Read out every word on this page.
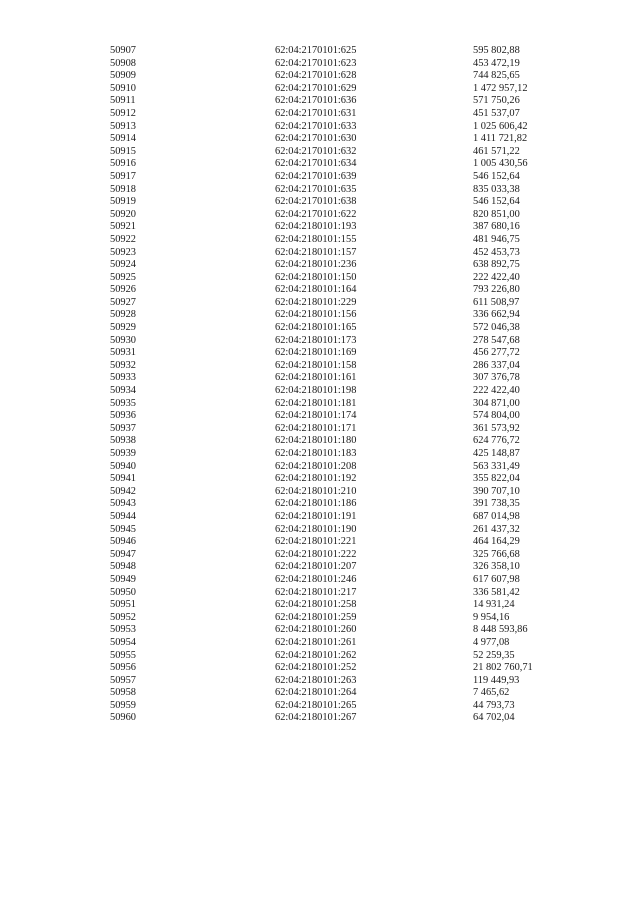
50907	62:04:2170101:625	595 802,88
50908	62:04:2170101:623	453 472,19
50909	62:04:2170101:628	744 825,65
50910	62:04:2170101:629	1 472 957,12
50911	62:04:2170101:636	571 750,26
50912	62:04:2170101:631	451 537,07
50913	62:04:2170101:633	1 025 606,42
50914	62:04:2170101:630	1 411 721,82
50915	62:04:2170101:632	461 571,22
50916	62:04:2170101:634	1 005 430,56
50917	62:04:2170101:639	546 152,64
50918	62:04:2170101:635	835 033,38
50919	62:04:2170101:638	546 152,64
50920	62:04:2170101:622	820 851,00
50921	62:04:2180101:193	387 680,16
50922	62:04:2180101:155	481 946,75
50923	62:04:2180101:157	452 453,73
50924	62:04:2180101:236	638 892,75
50925	62:04:2180101:150	222 422,40
50926	62:04:2180101:164	793 226,80
50927	62:04:2180101:229	611 508,97
50928	62:04:2180101:156	336 662,94
50929	62:04:2180101:165	572 046,38
50930	62:04:2180101:173	278 547,68
50931	62:04:2180101:169	456 277,72
50932	62:04:2180101:158	286 337,04
50933	62:04:2180101:161	307 376,78
50934	62:04:2180101:198	222 422,40
50935	62:04:2180101:181	304 871,00
50936	62:04:2180101:174	574 804,00
50937	62:04:2180101:171	361 573,92
50938	62:04:2180101:180	624 776,72
50939	62:04:2180101:183	425 148,87
50940	62:04:2180101:208	563 331,49
50941	62:04:2180101:192	355 822,04
50942	62:04:2180101:210	390 707,10
50943	62:04:2180101:186	391 738,35
50944	62:04:2180101:191	687 014,98
50945	62:04:2180101:190	261 437,32
50946	62:04:2180101:221	464 164,29
50947	62:04:2180101:222	325 766,68
50948	62:04:2180101:207	326 358,10
50949	62:04:2180101:246	617 607,98
50950	62:04:2180101:217	336 581,42
50951	62:04:2180101:258	14 931,24
50952	62:04:2180101:259	9 954,16
50953	62:04:2180101:260	8 448 593,86
50954	62:04:2180101:261	4 977,08
50955	62:04:2180101:262	52 259,35
50956	62:04:2180101:252	21 802 760,71
50957	62:04:2180101:263	119 449,93
50958	62:04:2180101:264	7 465,62
50959	62:04:2180101:265	44 793,73
50960	62:04:2180101:267	64 702,04
